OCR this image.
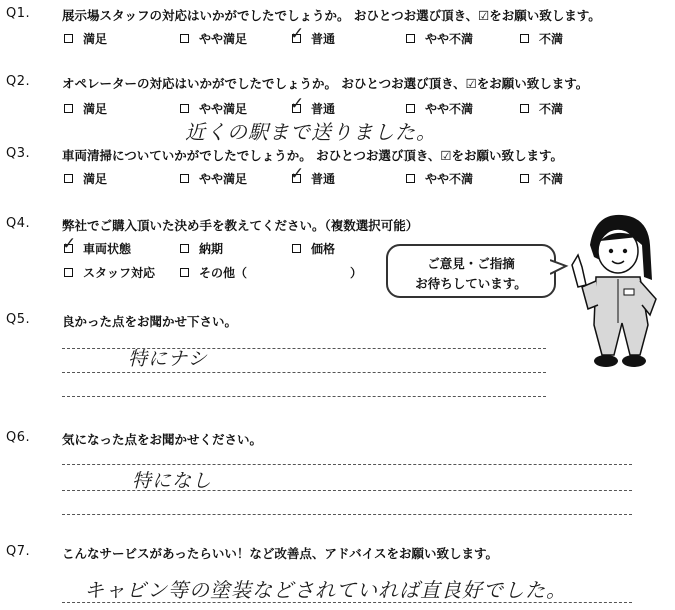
Q1.	展示場スタッフの対応はいかがでしたでしょうか。 おひとつお選び頂き、☑をお願い致します。
満足	やや満足	✓ 普通	やや不満	不満
Q2.	オペレーターの対応はいかがでしたでしょうか。 おひとつお選び頂き、☑をお願い致します。
満足	やや満足	✓ 普通	やや不満	不満
近くの駅まで送りました。
Q3.	車両清掃についていかがでしたでしょうか。 おひとつお選び頂き、☑をお願い致します。
満足	やや満足	✓ 普通	やや不満	不満
Q4.	弊社でご購入頂いた決め手を教えてください。（複数選択可能）
✓ 車両状態	納期	価格
スタッフ対応	その他（	）
ご意見・ご指摘
お待ちしています。
Q5.	良かった点をお聞かせ下さい。
特にナシ
Q6.	気になった点をお聞かせください。
特になし
Q7.	こんなサービスがあったらいい！など改善点、アドバイスをお願い致します。
キャビン等の塗装などされていれば直良好でした。
